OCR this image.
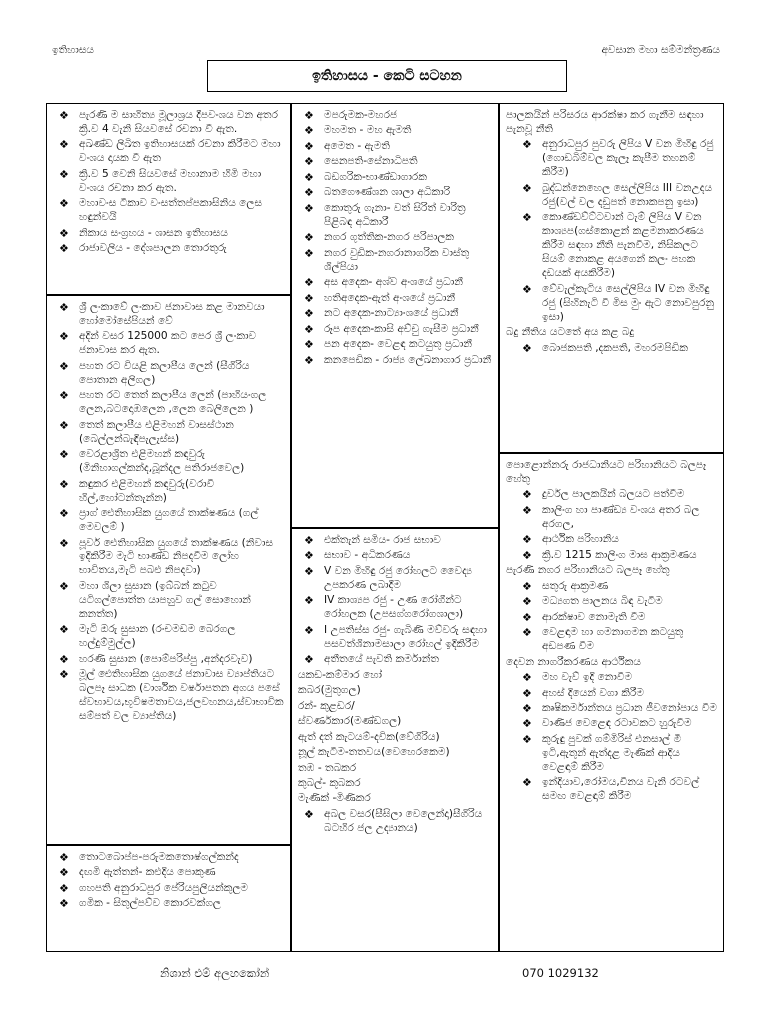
ඉතිහාසය	අවසාන මහා සම්මන්ත්‍රණය
ඉතිහාසය - කෙටි සටහන
❖ පැරණි ම සාහිත්‍ය මූලාශ්‍රය දීපවංශය වන අතර ක්‍රි.ව 4 වැනි සියවසේ රචනා වී ඇත.
❖ අඛණ්ඩ ලිඛිත ඉතිහාසයක් රචනා කිරීමට මහා වංශය දායක වී ඇත
❖ ක්‍රි.ව 5 වෙනි සියවසේ මහානාම හිමි මහා වංශය රචනා කර ඇත.
❖ මහාවංස ටීකාව වංසත්තප්පකාසිනිය ලෙස හඳුන්වයි
❖ නිකාය සංග්‍රහය - ශාසන ඉතිහාසය
❖ රාජාවලිය - දේශපාලන තොරතුරු
❖ ශ්‍රී ලංකාවේ ලංකාව ජනාවාස කළ මානවයා හෝමෝසේපියන් වේ
❖ අදින් වසර 125000 කට පෙර ශ්‍රී ලංකාව ජනාවාස කර ඇත.
❖ පහත රට වියළි කලාපීය ලෙන් (සීගිරිය පොතාන අලිගල)
❖ පහත රට තෙත් කලාපීය ලෙන් (පාහියංගල ලෙන,බටදොඹලෙන ,ලෙන බෙලිලෙන )
❖ තෙත් කලාපීය එළිමහන් වාසස්ථාන (බෙල්ලන්බැඳිපැලැස්ස)
❖ වෙරළාශ්‍රිත එළිමහන් කඳවුරු (මිනිහාගල්කන්ද,බූන්දල පතිරාජවෙල)
❖ කඳුකර එළිමහන් කඳවුරු(වරාවී හිල්,හෝටන්තැන්න)
❖ ප්‍රාග් ඓතිහාසික යුගයේ තාක්ෂණය (ගල් මෙවලම් )
❖ පූර්ව ඓතිහාසික යුගයේ තාක්ෂණය (නිවාස ඉදිකිරීම මැටි භාණ්ඩ නිපදවීම ලෝහ භාවිතය,මැටි පබළු නිපදවා)
❖ මහා ශිලා සුසාන (ඉබ්බන් කටුව යටිගල්පොත්ත යාපහුව ගල් සොහොන් කනත්ත)
❖ මැටි ඔරු සුසාන (රංචමඩම බෙරගල හල්දුම්මුල්ල)
❖ හරණි සුසාන (පොම්පරිප්පු ,අන්දරවැව)
❖ මූල් ඓතිහාසික යුගයේ ජනාවාස ව්‍යාප්තියට බලපෑ සාධක (වාර්ශික වර්ෂාපතන අගය පසේ ස්වභාවය,භූවිෂමතාවය,ජලවහනය,ස්වාභාවික සම්පත් වල ව්‍යාප්තිය)
❖ තොටබොප්ප-පරුමකතොෂ්ගල්කන්ද
❖ දඟමි ඇත්තන්- කළුදිය පොකුණ
❖ ගහපති අනුරාධපුර පේරියපුලියන්කුලම
❖ ගමික - සිතුල්පව්ව කොරවක්ගල
❖ මපරුමක-මහරජ
❖ මහමත - මහ ඇමති
❖ අමෙත - ඇමති
❖ සෙනපති-සේනාධිපති
❖ බඩගරික-භාණ්ඩාගාරක
❖ බතගෞණ්ශන ශාලා අධිකාරි
❖ කොතුරු ගැනා- වත් සිරිත් වාරිත්‍ර පිළිබඳ අධිකාරී
❖ නගර ගුත්තික-නගර පරිපාලක
❖ නගර වුඩික-නගරානාගරික වාස්තු ශිල්පියා
❖ අස අදෙක- අශ්ව අංශයේ ප්‍රධානී
❖ හතිඅදෙක-ඇත් අංශයේ ප්‍රධානී
❖ නට අදෙක-නාට්‍යාංශයේ ප්‍රධානී
❖ රූප අදෙක-කාසි අච්චු ගැසීම ප්‍රධානී
❖ පන අදෙක- වෙළඳ කටයුතු ප්‍රධානී
❖ කනපෙඩික - රාජ්‍ය ලේඛනාගාර ප්‍රධානී
❖ එක්තැන් සමිය- රාජ සභාව
❖ සභාව - අධිකරණය
❖ V වන මිහිඳු රජු රෝහලට වෛද්‍ය උපකරණ ලබාදීම
❖ IV කාශ්‍යප රජු - උණ රෝගීන්ට රෝහලක (උපසග්ගරෝගශාලා)
❖ I උපතිස්ස රජු- ගැබිණි මව්වරු සඳහා පසවත්ශිනාමසාලා රෝහල් ඉදිකිරීම
❖ අතීතයේ පැවති කර්මාන්ත
යකඩ-කම්මාර හෝ
කබර(මුතුගල)
රන්- කුළඩර/
ස්වර්ණකාර(මණ්ඩගල)
ඇත් දත් කැටයම්-දවික(වේගිරිය)
නූල් කැටීම-තතවය(වෙහෙරකෙම)
තඹ - තබකර
කුබල්- කුබකර
මැණික් -මිණිකර
❖ අබල වසර(සීඝිලා වෙලෙන්දා)සීගිරිය බටහිර ජල උද්‍යානය)
පාලකයින් පරිසරය ආරක්ෂා කර ගැනීම සඳහා පැනවූ නීති
❖ අනුරාධපුර පුවරු ලිපිය V වන මිහිඳු රජු (ගොඩබිම්වල කැලෑ කැපීම තහනම් කිරීම)
❖ බුද්ධන්නෙහෙල සෙල්ලිපිය III වනඋදය රජු(වල් වල දඩුපත් නොකපනු ඉසා)
❖ කොණ්ඩව්ට්ටවාන් ටැම් ලිපිය V වන කාශ්‍යප(ගස්කොළන් කළමනාකරණය කිරීම සඳහා නීති පැනවීම, නිසිකලට සියම් නොකළ අයගෙන් කලං පහක දඩයක් අයකිරීම)
❖ වේවැල්කැටිය සෙල්ලිපිය IV වන මිහිඳු රජු (සිහිනැටි වී මිස මුං ඇට නොවපුරනු ඉසා)
බදු නීතිය යටතේ අය කළ බදු
❖ බොජකපති ,දකපති, මහරමපිඩික
පොළොන්නරු රාජධානියට පරිහානියට බලපෑ හේතු
❖ දුර්වල පාලකයින් බලයට පත්වීම
❖ කාලිංග හා පාණ්ඩ්‍ය වංශය අතර බල අරගල,
❖ ආර්ථික පරිහානිය
❖ ක්‍රි.ව 1215 කාලිංග මාඝ ආක්‍රමණය
පැරණි නගර පරිහානියට බලපෑ හේතු
❖ සතුරු ආක්‍රමණ
❖ මධ්‍යගත පාලනය බිඳ වැටීම
❖ ආරක්ෂාව නොමැති වීම
❖ වෙළඳාම හා ගමනාගමන කටයුතු අඩපණ වීම
දෙවන නාගරීකරණය ආර්ථිකය
❖ මහ වැව් ඉදි නොවීම
❖ අහස් දියෙන් වගා කිරීම
❖ කෘෂිකර්මාන්තය ප්‍රධාන ජීවනෝපාය වීම
❖ වාණිජ වෙළෙඳ රටාවකට හුරුවීම
❖ කුරුඳු පුවක් ගම්මිරිස් එනසාල් මී ඉටි,ඇතුන් ඇත්දළ මැණික් ආදිය වෙළඳාම් කිරීම
❖ ඉන්දියාව,රෝමය,චීනය වැනි රටවල් සමඟ වෙළඳාම් කිරීම
නිශාන් එම් අලහකෝන්	070 1029132
